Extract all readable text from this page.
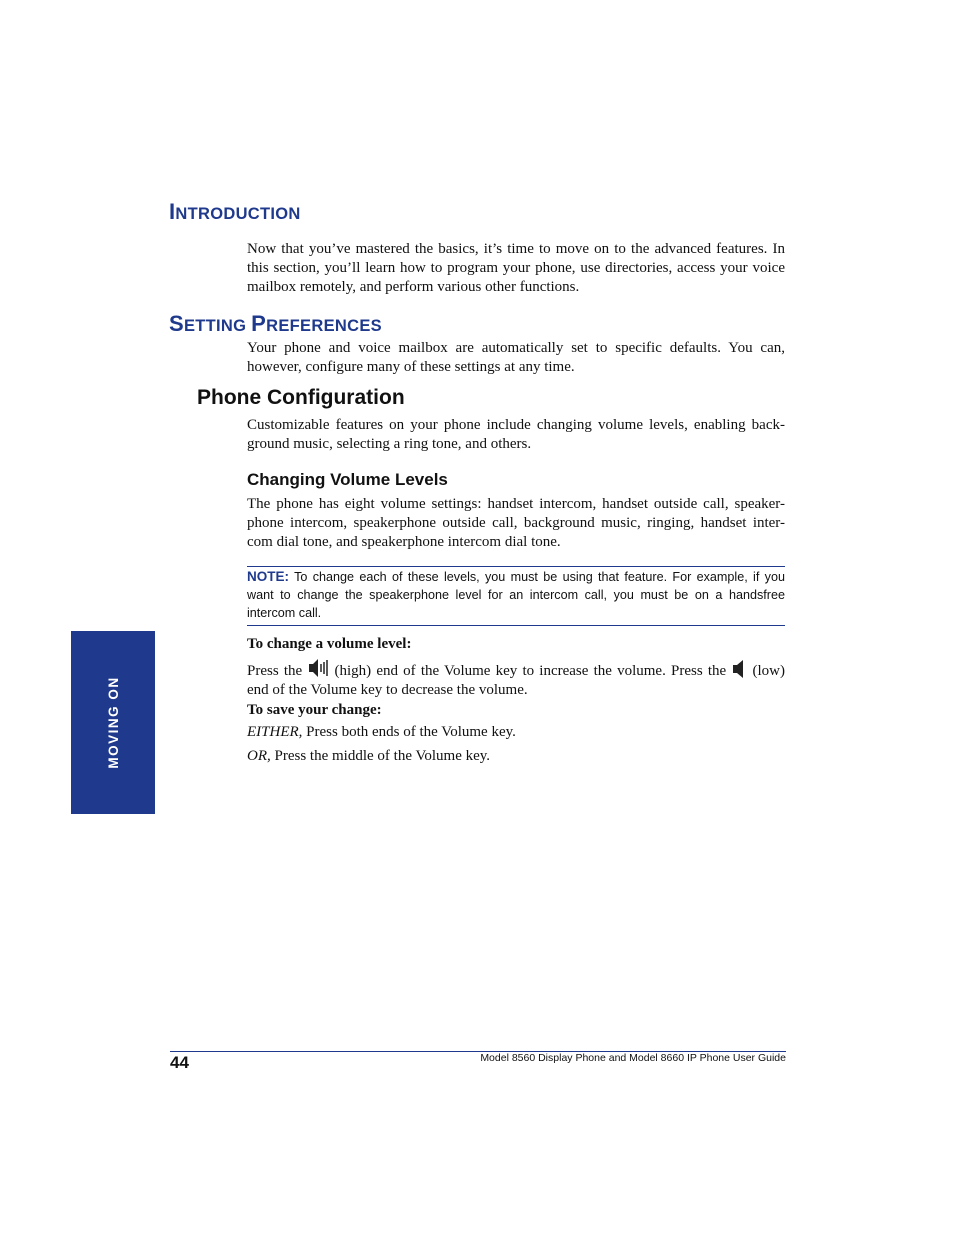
INTRODUCTION
Now that you’ve mastered the basics, it’s time to move on to the advanced features. In this section, you’ll learn how to program your phone, use directories, access your voice mailbox remotely, and perform various other functions.
SETTING PREFERENCES
Your phone and voice mailbox are automatically set to specific defaults. You can, however, configure many of these settings at any time.
Phone Configuration
Customizable features on your phone include changing volume levels, enabling back-ground music, selecting a ring tone, and others.
Changing Volume Levels
The phone has eight volume settings: handset intercom, handset outside call, speaker-phone intercom, speakerphone outside call, background music, ringing, handset inter-com dial tone, and speakerphone intercom dial tone.
NOTE: To change each of these levels, you must be using that feature. For example, if you want to change the speakerphone level for an intercom call, you must be on a handsfree intercom call.
To change a volume level:
Press the
(high) end of the Volume key to increase the volume. Press the
(low) end of the Volume key to decrease the volume.
To save your change:
EITHER, Press both ends of the Volume key.
OR, Press the middle of the Volume key.
MOVING ON
44	Model 8560 Display Phone and Model 8660 IP Phone User Guide
